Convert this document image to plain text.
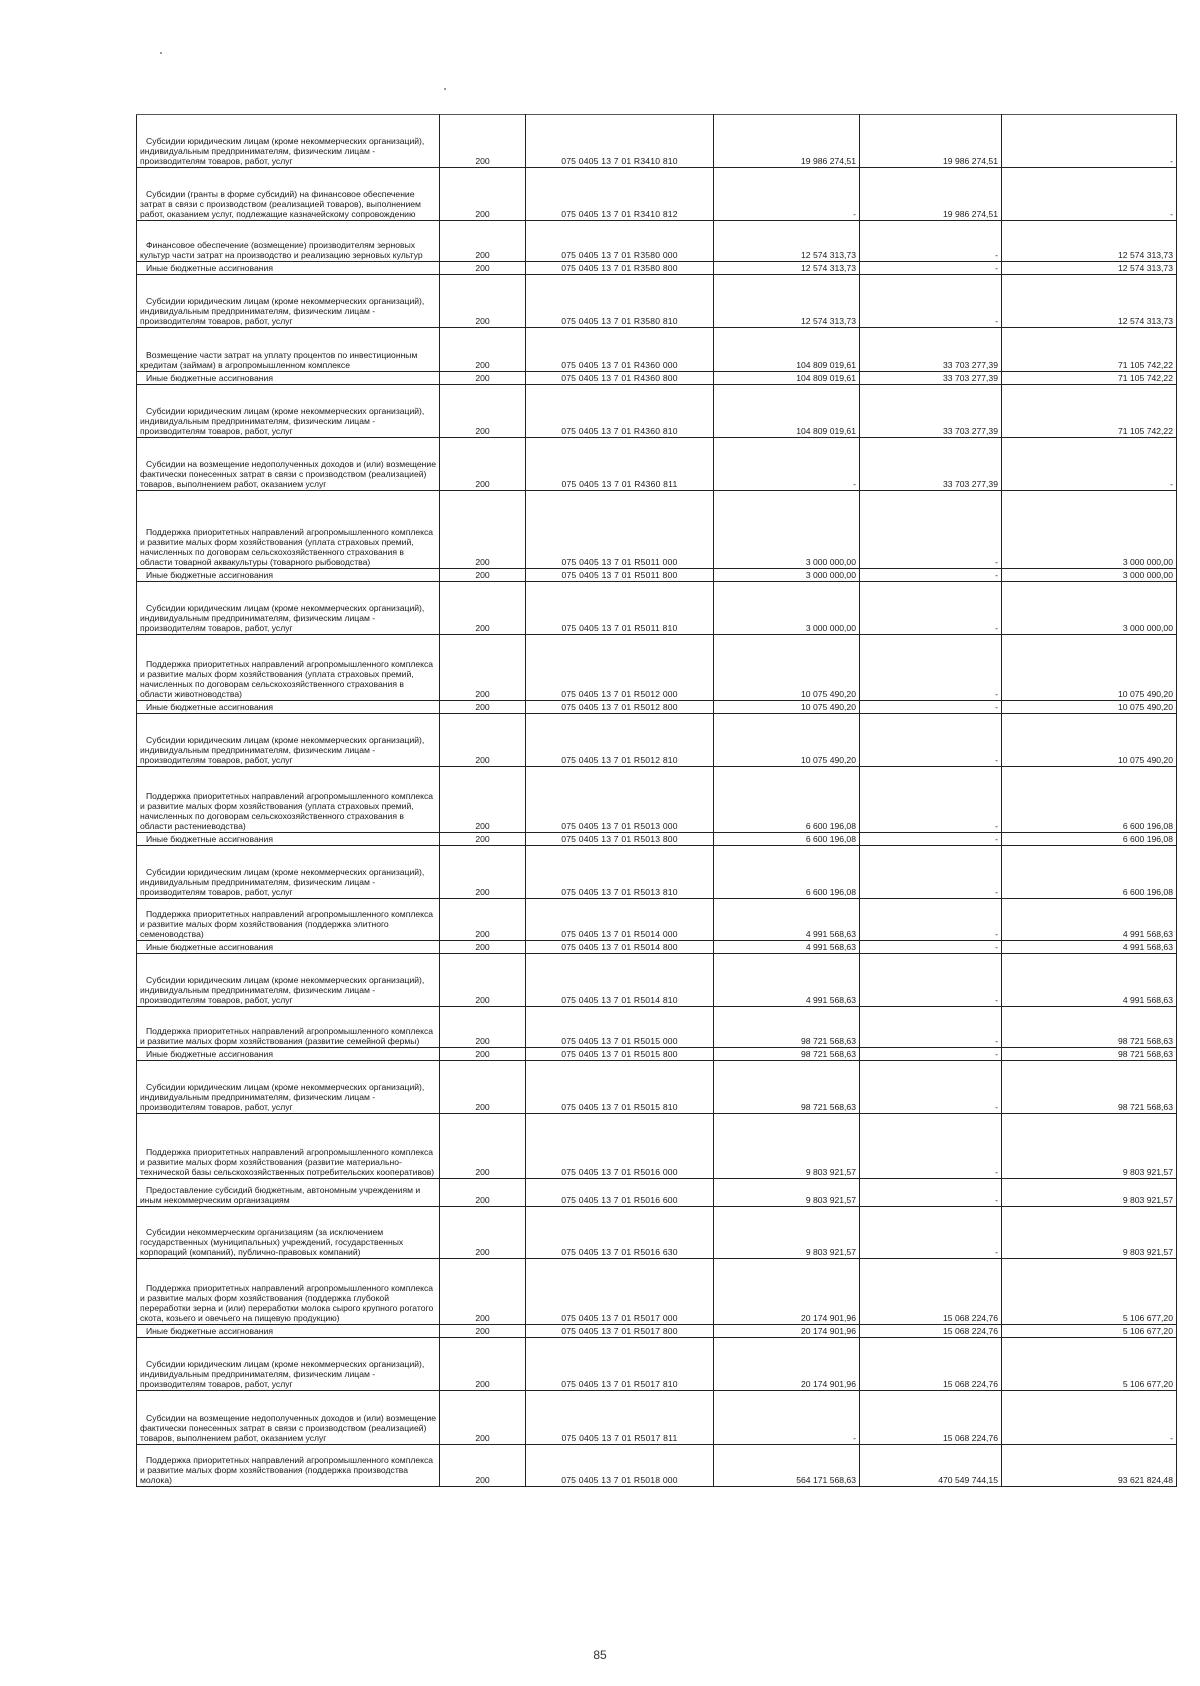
Субсидии юридическим лицам (кроме некоммерческих организаций), индивидуальным предпринимателям, физическим лицам - производителям товаров, работ, услуг	200	075 0405 13 7 01 R3410 810	19 986 274,51	19 986 274,51	-

Субсидии (гранты в форме субсидий) на финансовое обеспечение затрат в связи с производством (реализацией товаров), выполнением работ, оказанием услуг, подлежащие казначейскому сопровождению	200	075 0405 13 7 01 R3410 812	-	19 986 274,51	-

Финансовое обеспечение (возмещение) производителям зерновых культур части затрат на производство и реализацию зерновых культур	200	075 0405 13 7 01 R3580 000	12 574 313,73	-	12 574 313,73

Иные бюджетные ассигнования	200	075 0405 13 7 01 R3580 800	12 574 313,73	-	12 574 313,73

Субсидии юридическим лицам (кроме некоммерческих организаций), индивидуальным предпринимателям, физическим лицам - производителям товаров, работ, услуг	200	075 0405 13 7 01 R3580 810	12 574 313,73	-	12 574 313,73

Возмещение части затрат на уплату процентов по инвестиционным кредитам (займам) в агропромышленном комплексе	200	075 0405 13 7 01 R4360 000	104 809 019,61	33 703 277,39	71 105 742,22

Иные бюджетные ассигнования	200	075 0405 13 7 01 R4360 800	104 809 019,61	33 703 277,39	71 105 742,22

Субсидии юридическим лицам (кроме некоммерческих организаций), индивидуальным предпринимателям, физическим лицам - производителям товаров, работ, услуг	200	075 0405 13 7 01 R4360 810	104 809 019,61	33 703 277,39	71 105 742,22

Субсидии на возмещение недополученных доходов и (или) возмещение фактически понесенных затрат в связи с производством (реализацией) товаров, выполнением работ, оказанием услуг	200	075 0405 13 7 01 R4360 811	-	33 703 277,39	-

Поддержка приоритетных направлений агропромышленного комплекса и развитие малых форм хозяйствования (уплата страховых премий, начисленных по договорам сельскохозяйственного страхования в области товарной аквакультуры (товарного рыбоводства)	200	075 0405 13 7 01 R5011 000	3 000 000,00	-	3 000 000,00

Иные бюджетные ассигнования	200	075 0405 13 7 01 R5011 800	3 000 000,00	-	3 000 000,00

Субсидии юридическим лицам (кроме некоммерческих организаций), индивидуальным предпринимателям, физическим лицам - производителям товаров, работ, услуг	200	075 0405 13 7 01 R5011 810	3 000 000,00	-	3 000 000,00

Поддержка приоритетных направлений агропромышленного комплекса и развитие малых форм хозяйствования (уплата страховых премий, начисленных по договорам сельскохозяйственного страхования в области животноводства)	200	075 0405 13 7 01 R5012 000	10 075 490,20	-	10 075 490,20

Иные бюджетные ассигнования	200	075 0405 13 7 01 R5012 800	10 075 490,20	-	10 075 490,20

Субсидии юридическим лицам (кроме некоммерческих организаций), индивидуальным предпринимателям, физическим лицам - производителям товаров, работ, услуг	200	075 0405 13 7 01 R5012 810	10 075 490,20	-	10 075 490,20

Поддержка приоритетных направлений агропромышленного комплекса и развитие малых форм хозяйствования (уплата страховых премий, начисленных по договорам сельскохозяйственного страхования в области растениеводства)	200	075 0405 13 7 01 R5013 000	6 600 196,08	-	6 600 196,08

Иные бюджетные ассигнования	200	075 0405 13 7 01 R5013 800	6 600 196,08	-	6 600 196,08

Субсидии юридическим лицам (кроме некоммерческих организаций), индивидуальным предпринимателям, физическим лицам - производителям товаров, работ, услуг	200	075 0405 13 7 01 R5013 810	6 600 196,08	-	6 600 196,08

Поддержка приоритетных направлений агропромышленного комплекса и развитие малых форм хозяйствования (поддержка элитного семеноводства)	200	075 0405 13 7 01 R5014 000	4 991 568,63	-	4 991 568,63

Иные бюджетные ассигнования	200	075 0405 13 7 01 R5014 800	4 991 568,63	-	4 991 568,63

Субсидии юридическим лицам (кроме некоммерческих организаций), индивидуальным предпринимателям, физическим лицам - производителям товаров, работ, услуг	200	075 0405 13 7 01 R5014 810	4 991 568,63	-	4 991 568,63

Поддержка приоритетных направлений агропромышленного комплекса и развитие малых форм хозяйствования (развитие семейной фермы)	200	075 0405 13 7 01 R5015 000	98 721 568,63	-	98 721 568,63

Иные бюджетные ассигнования	200	075 0405 13 7 01 R5015 800	98 721 568,63	-	98 721 568,63

Субсидии юридическим лицам (кроме некоммерческих организаций), индивидуальным предпринимателям, физическим лицам - производителям товаров, работ, услуг	200	075 0405 13 7 01 R5015 810	98 721 568,63	-	98 721 568,63

Поддержка приоритетных направлений агропромышленного комплекса и развитие малых форм хозяйствования (развитие материально-технической базы сельскохозяйственных потребительских кооперативов)	200	075 0405 13 7 01 R5016 000	9 803 921,57	-	9 803 921,57

Предоставление субсидий бюджетным, автономным учреждениям и иным некоммерческим организациям	200	075 0405 13 7 01 R5016 600	9 803 921,57	-	9 803 921,57

Субсидии некоммерческим организациям (за исключением государственных (муниципальных) учреждений, государственных корпораций (компаний), публично-правовых компаний)	200	075 0405 13 7 01 R5016 630	9 803 921,57	-	9 803 921,57

Поддержка приоритетных направлений агропромышленного комплекса и развитие малых форм хозяйствования (поддержка глубокой переработки зерна и (или) переработки молока сырого крупного рогатого скота, козьего и овечьего на пищевую продукцию)	200	075 0405 13 7 01 R5017 000	20 174 901,96	15 068 224,76	5 106 677,20

Иные бюджетные ассигнования	200	075 0405 13 7 01 R5017 800	20 174 901,96	15 068 224,76	5 106 677,20

Субсидии юридическим лицам (кроме некоммерческих организаций), индивидуальным предпринимателям, физическим лицам - производителям товаров, работ, услуг	200	075 0405 13 7 01 R5017 810	20 174 901,96	15 068 224,76	5 106 677,20

Субсидии на возмещение недополученных доходов и (или) возмещение фактически понесенных затрат в связи с производством (реализацией) товаров, выполнением работ, оказанием услуг	200	075 0405 13 7 01 R5017 811	-	15 068 224,76	-

Поддержка приоритетных направлений агропромышленного комплекса и развитие малых форм хозяйствования (поддержка производства молока)	200	075 0405 13 7 01 R5018 000	564 171 568,63	470 549 744,15	93 621 824,48
85
